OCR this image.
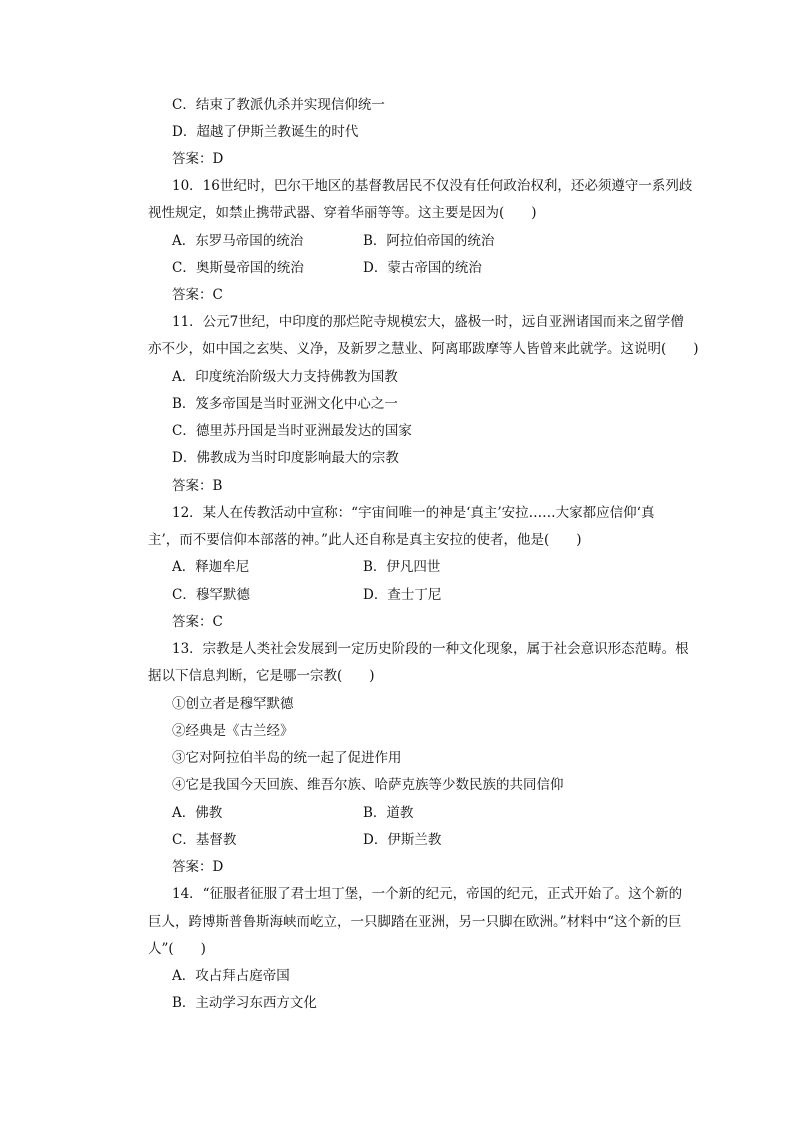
C．结束了教派仇杀并实现信仰统一
D．超越了伊斯兰教诞生的时代
答案：D
10．16世纪时，巴尔干地区的基督教居民不仅没有任何政治权利，还必须遵守一系列歧
视性规定，如禁止携带武器、穿着华丽等等。这主要是因为(　　)
A．东罗马帝国的统治	B．阿拉伯帝国的统治
C．奥斯曼帝国的统治	D．蒙古帝国的统治
答案：C
11．公元7世纪，中印度的那烂陀寺规模宏大，盛极一时，远自亚洲诸国而来之留学僧
亦不少，如中国之玄奘、义净，及新罗之慧业、阿离耶跋摩等人皆曾来此就学。这说明(　　)
A．印度统治阶级大力支持佛教为国教
B．笈多帝国是当时亚洲文化中心之一
C．德里苏丹国是当时亚洲最发达的国家
D．佛教成为当时印度影响最大的宗教
答案：B
12．某人在传教活动中宣称：“宇宙间唯一的神是‘真主’安拉……大家都应信仰‘真
主’，而不要信仰本部落的神。”此人还自称是真主安拉的使者，他是(　　)
A．释迦牟尼	B．伊凡四世
C．穆罕默德	D．查士丁尼
答案：C
13．宗教是人类社会发展到一定历史阶段的一种文化现象，属于社会意识形态范畴。根
据以下信息判断，它是哪一宗教(　　)
①创立者是穆罕默德
②经典是《古兰经》
③它对阿拉伯半岛的统一起了促进作用
④它是我国今天回族、维吾尔族、哈萨克族等少数民族的共同信仰
A．佛教	B．道教
C．基督教	D．伊斯兰教
答案：D
14．“征服者征服了君士坦丁堡，一个新的纪元，帝国的纪元，正式开始了。这个新的
巨人，跨博斯普鲁斯海峡而屹立，一只脚踏在亚洲，另一只脚在欧洲。”材料中“这个新的巨
人”(　　)
A．攻占拜占庭帝国
B．主动学习东西方文化
